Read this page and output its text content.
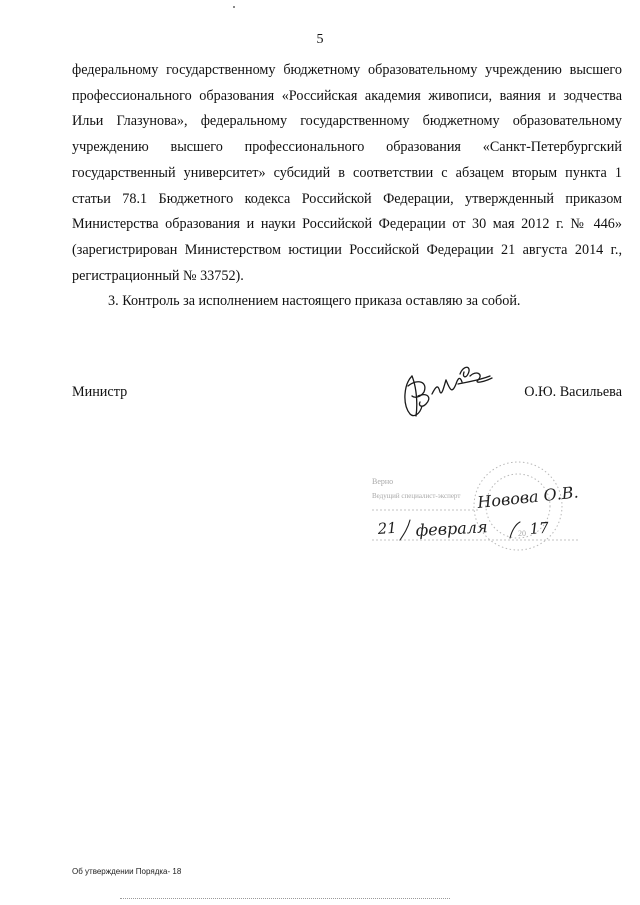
5

федеральному государственному бюджетному образовательному учреждению высшего профессионального образования «Российская академия живописи, ваяния и зодчества Ильи Глазунова», федеральному государственному бюджетному образовательному учреждению высшего профессионального образования «Санкт-Петербургский государственный университет» субсидий в соответствии с абзацем вторым пункта 1 статьи 78.1 Бюджетного кодекса Российской Федерации, утвержденный приказом Министерства образования и науки Российской Федерации от 30 мая 2012 г. № 446» (зарегистрирован Министерством юстиции Российской Федерации 21 августа 2014 г., регистрационный № 33752).

3. Контроль за исполнением настоящего приказа оставляю за собой.

Министр	О.Ю. Васильева
Верно
Ведущий специалист-эксперт
20
Новова О.В.
21 февраля	17
Об утверждении Порядка- 18
